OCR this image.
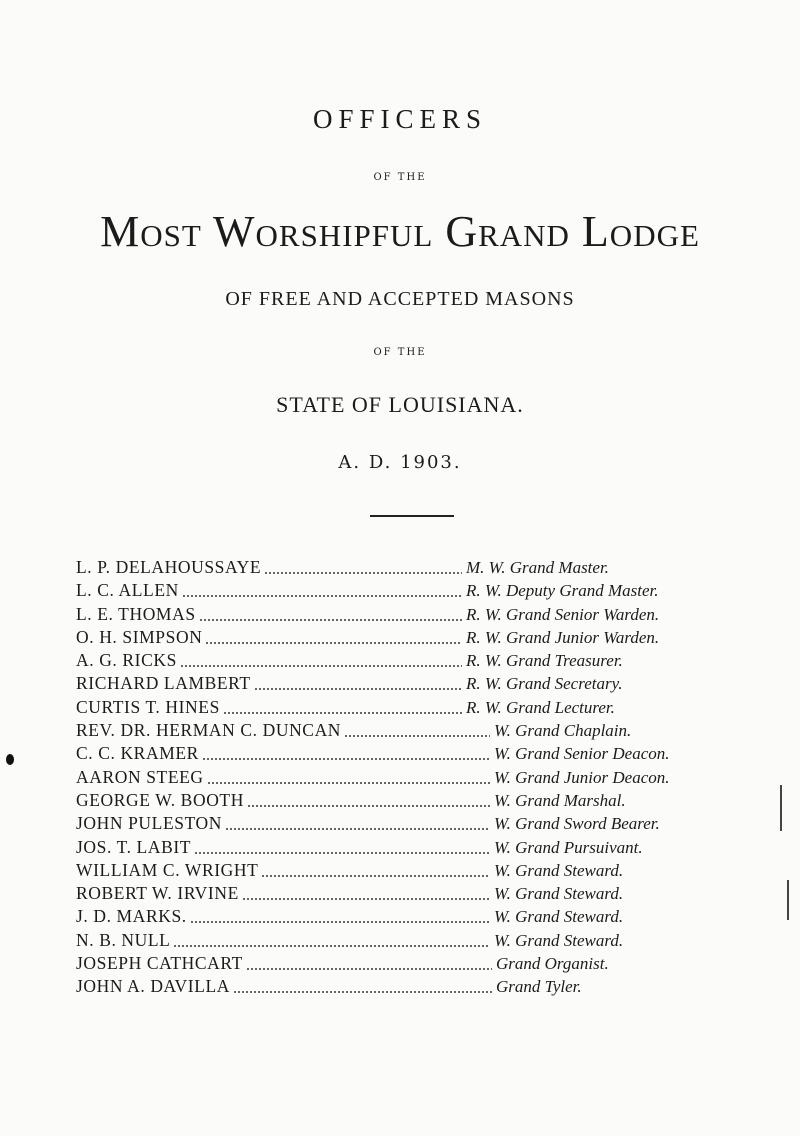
OFFICERS
OF THE
Most Worshipful Grand Lodge
OF FREE AND ACCEPTED MASONS
OF THE
STATE OF LOUISIANA.
A. D. 1903.
L. P. DELAHOUSSAYE	M. W. Grand Master.
L. C. ALLEN	R. W. Deputy Grand Master.
L. E. THOMAS	R. W. Grand Senior Warden.
O. H. SIMPSON	R. W. Grand Junior Warden.
A. G. RICKS	R. W. Grand Treasurer.
RICHARD LAMBERT	R. W. Grand Secretary.
CURTIS T. HINES	R. W. Grand Lecturer.
REV. DR. HERMAN C. DUNCAN	W. Grand Chaplain.
C. C. KRAMER	W. Grand Senior Deacon.
AARON STEEG	W. Grand Junior Deacon.
GEORGE W. BOOTH	W. Grand Marshal.
JOHN PULESTON	W. Grand Sword Bearer.
JOS. T. LABIT	W. Grand Pursuivant.
WILLIAM C. WRIGHT	W. Grand Steward.
ROBERT W. IRVINE	W. Grand Steward.
J. D. MARKS.	W. Grand Steward.
N. B. NULL	W. Grand Steward.
JOSEPH CATHCART	Grand Organist.
JOHN A. DAVILLA	Grand Tyler.
